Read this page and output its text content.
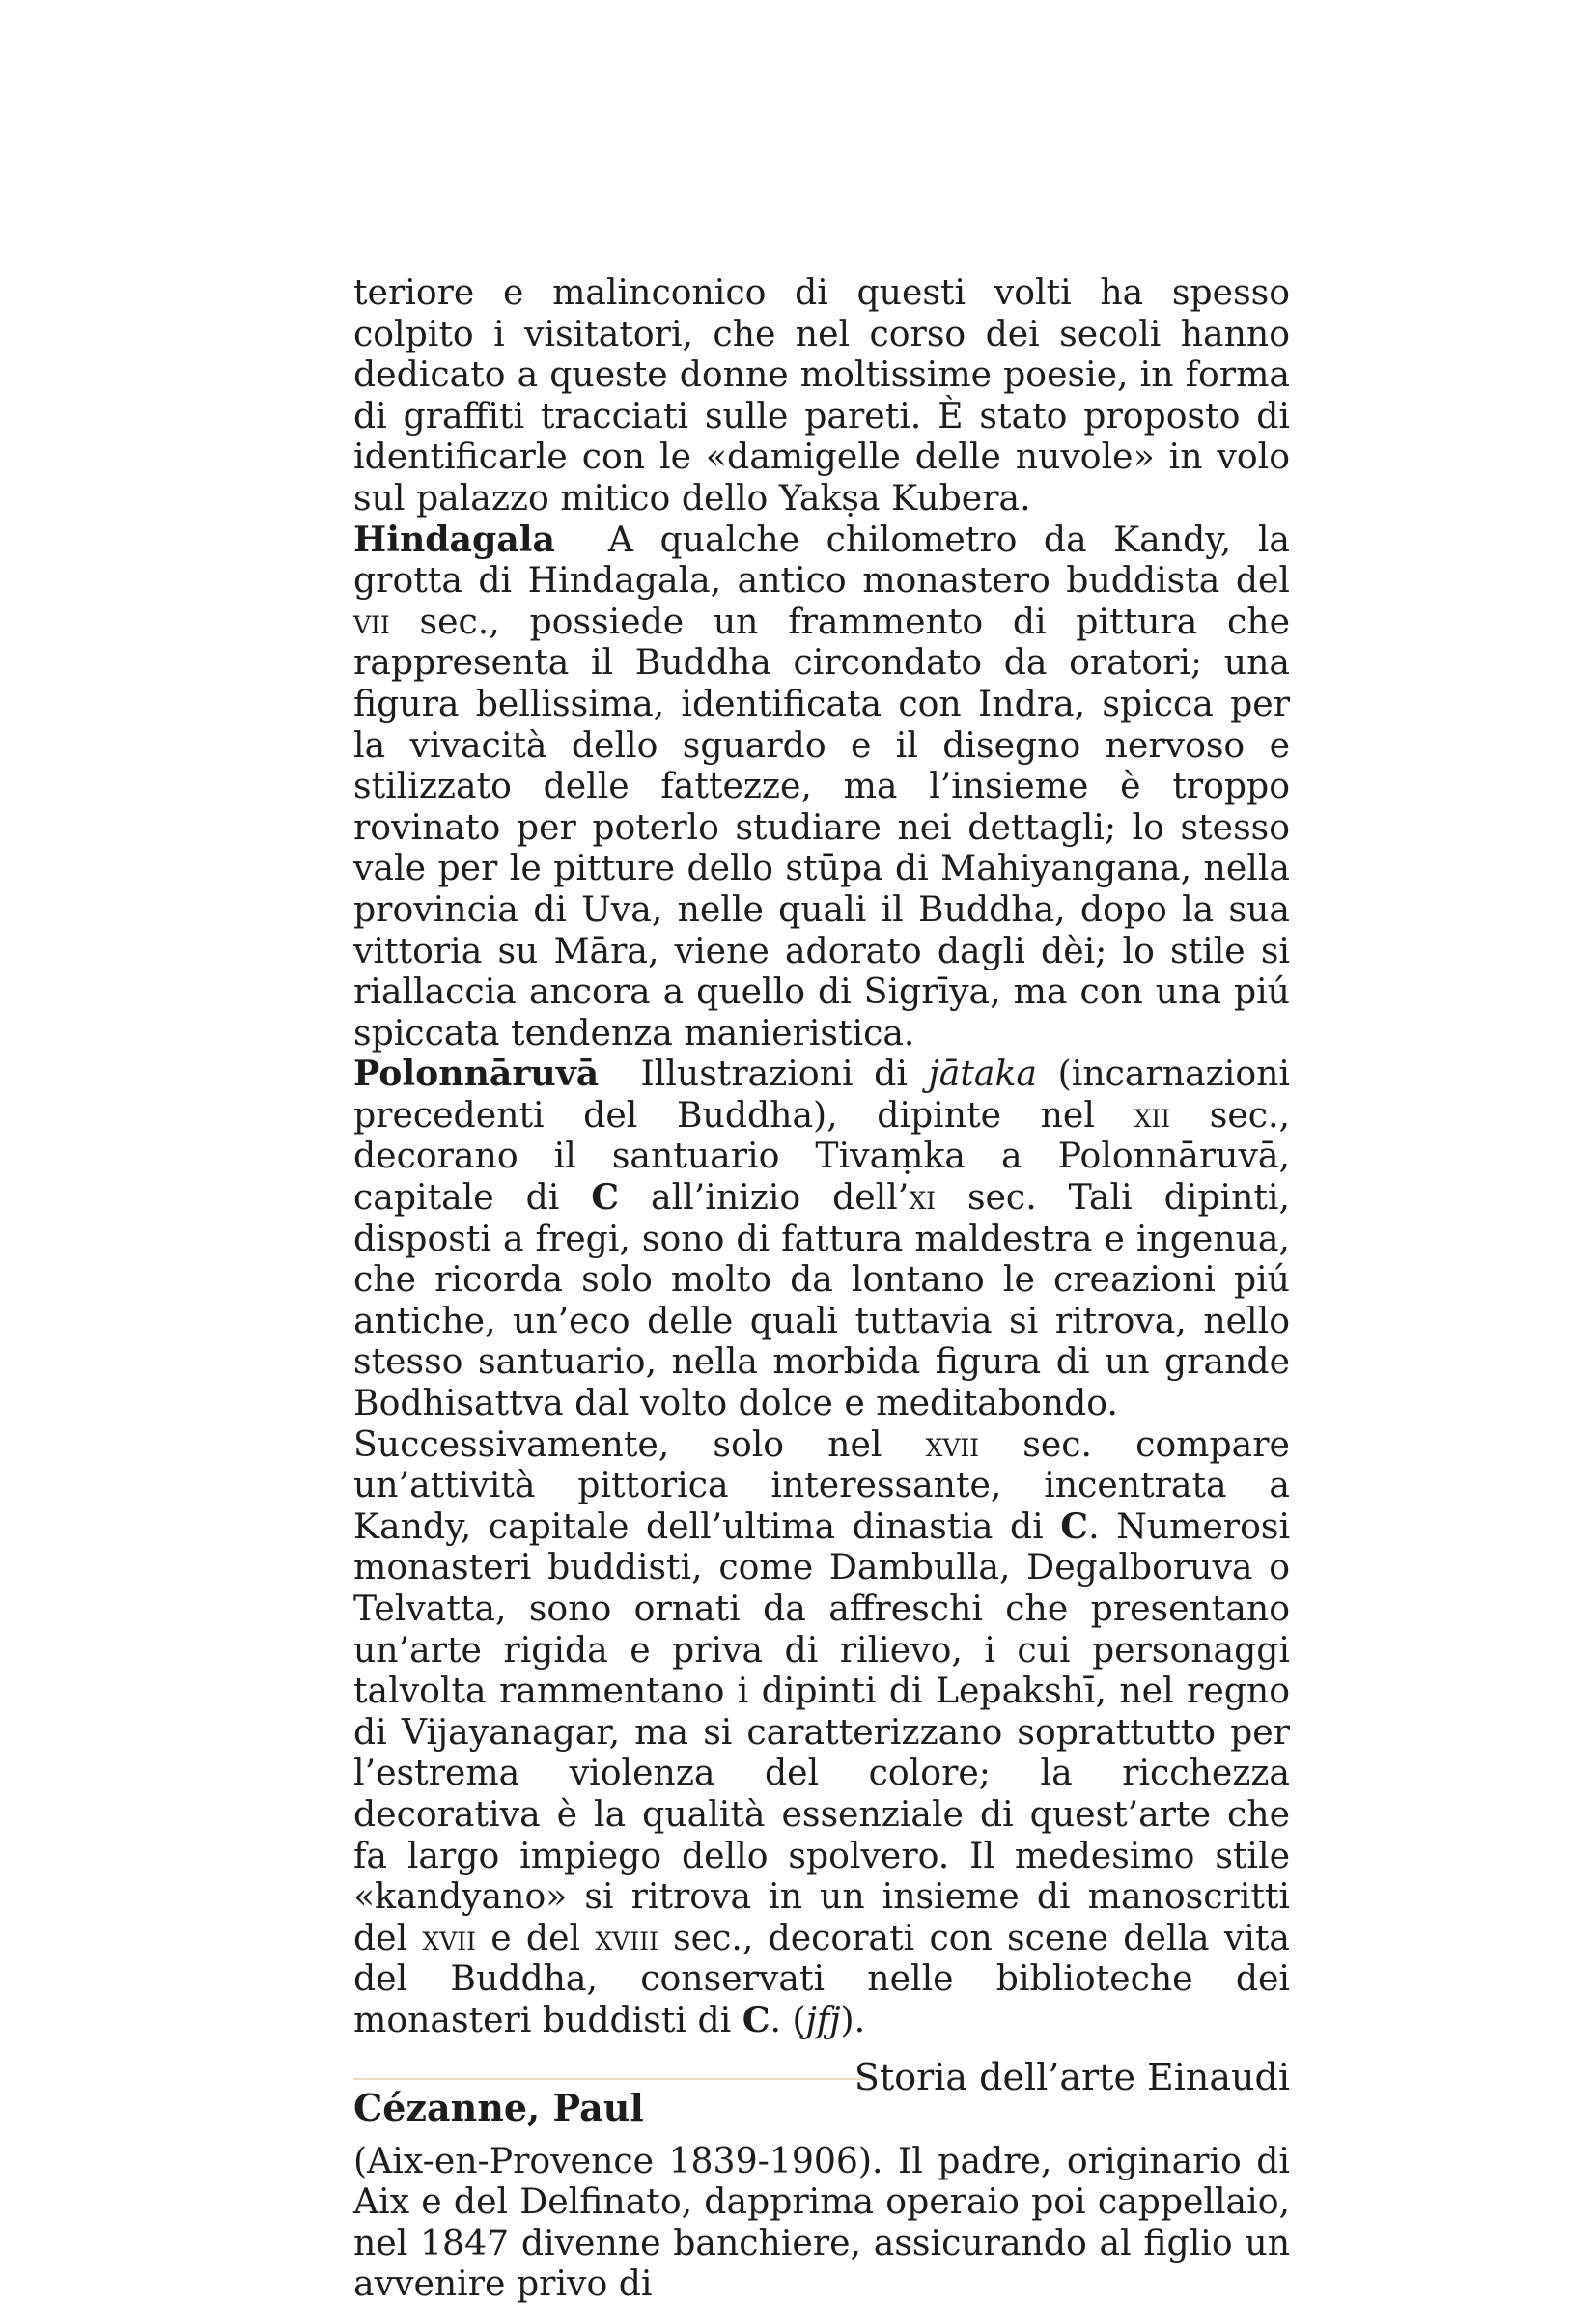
teriore e malinconico di questi volti ha spesso colpito i visitatori, che nel corso dei secoli hanno dedicato a queste donne moltissime poesie, in forma di graffiti tracciati sulle pareti. È stato proposto di identificarle con le «damigelle delle nuvole» in volo sul palazzo mitico dello Yakṣa Kubera.

Hindagala A qualche chilometro da Kandy, la grotta di Hindagala, antico monastero buddista del vii sec., possiede un frammento di pittura che rappresenta il Buddha circondato da oratori; una figura bellissima, identificata con Indra, spicca per la vivacità dello sguardo e il disegno nervoso e stilizzato delle fattezze, ma l’insieme è troppo rovinato per poterlo studiare nei dettagli; lo stesso vale per le pitture dello stūpa di Mahiyangana, nella provincia di Uva, nelle quali il Buddha, dopo la sua vittoria su Māra, viene adorato dagli dèi; lo stile si riallaccia ancora a quello di Sigrīya, ma con una piú spiccata tendenza manieristica.

Polonnāruvā Illustrazioni di jātaka (incarnazioni precedenti del Buddha), dipinte nel xii sec., decorano il santuario Tivaṃka a Polonnāruvā, capitale di C all’inizio dell’xi sec. Tali dipinti, disposti a fregi, sono di fattura maldestra e ingenua, che ricorda solo molto da lontano le creazioni piú antiche, un’eco delle quali tuttavia si ritrova, nello stesso santuario, nella morbida figura di un grande Bodhisattva dal volto dolce e meditabondo.

Successivamente, solo nel xvii sec. compare un’attività pittorica interessante, incentrata a Kandy, capitale dell’ultima dinastia di C. Numerosi monasteri buddisti, come Dambulla, Degalboruva o Telvatta, sono ornati da affreschi che presentano un’arte rigida e priva di rilievo, i cui personaggi talvolta rammentano i dipinti di Lepakshī, nel regno di Vijayanagar, ma si caratterizzano soprattutto per l’estrema violenza del colore; la ricchezza decorativa è la qualità essenziale di quest’arte che fa largo impiego dello spolvero. Il medesimo stile «kandyano» si ritrova in un insieme di manoscritti del xvii e del xviii sec., decorati con scene della vita del Buddha, conservati nelle biblioteche dei monasteri buddisti di C. (jfj).

Cézanne, Paul

(Aix-en-Provence 1839-1906). Il padre, originario di Aix e del Delfinato, dapprima operaio poi cappellaio, nel 1847 divenne banchiere, assicurando al figlio un avvenire privo di

Storia dell’arte Einaudi
